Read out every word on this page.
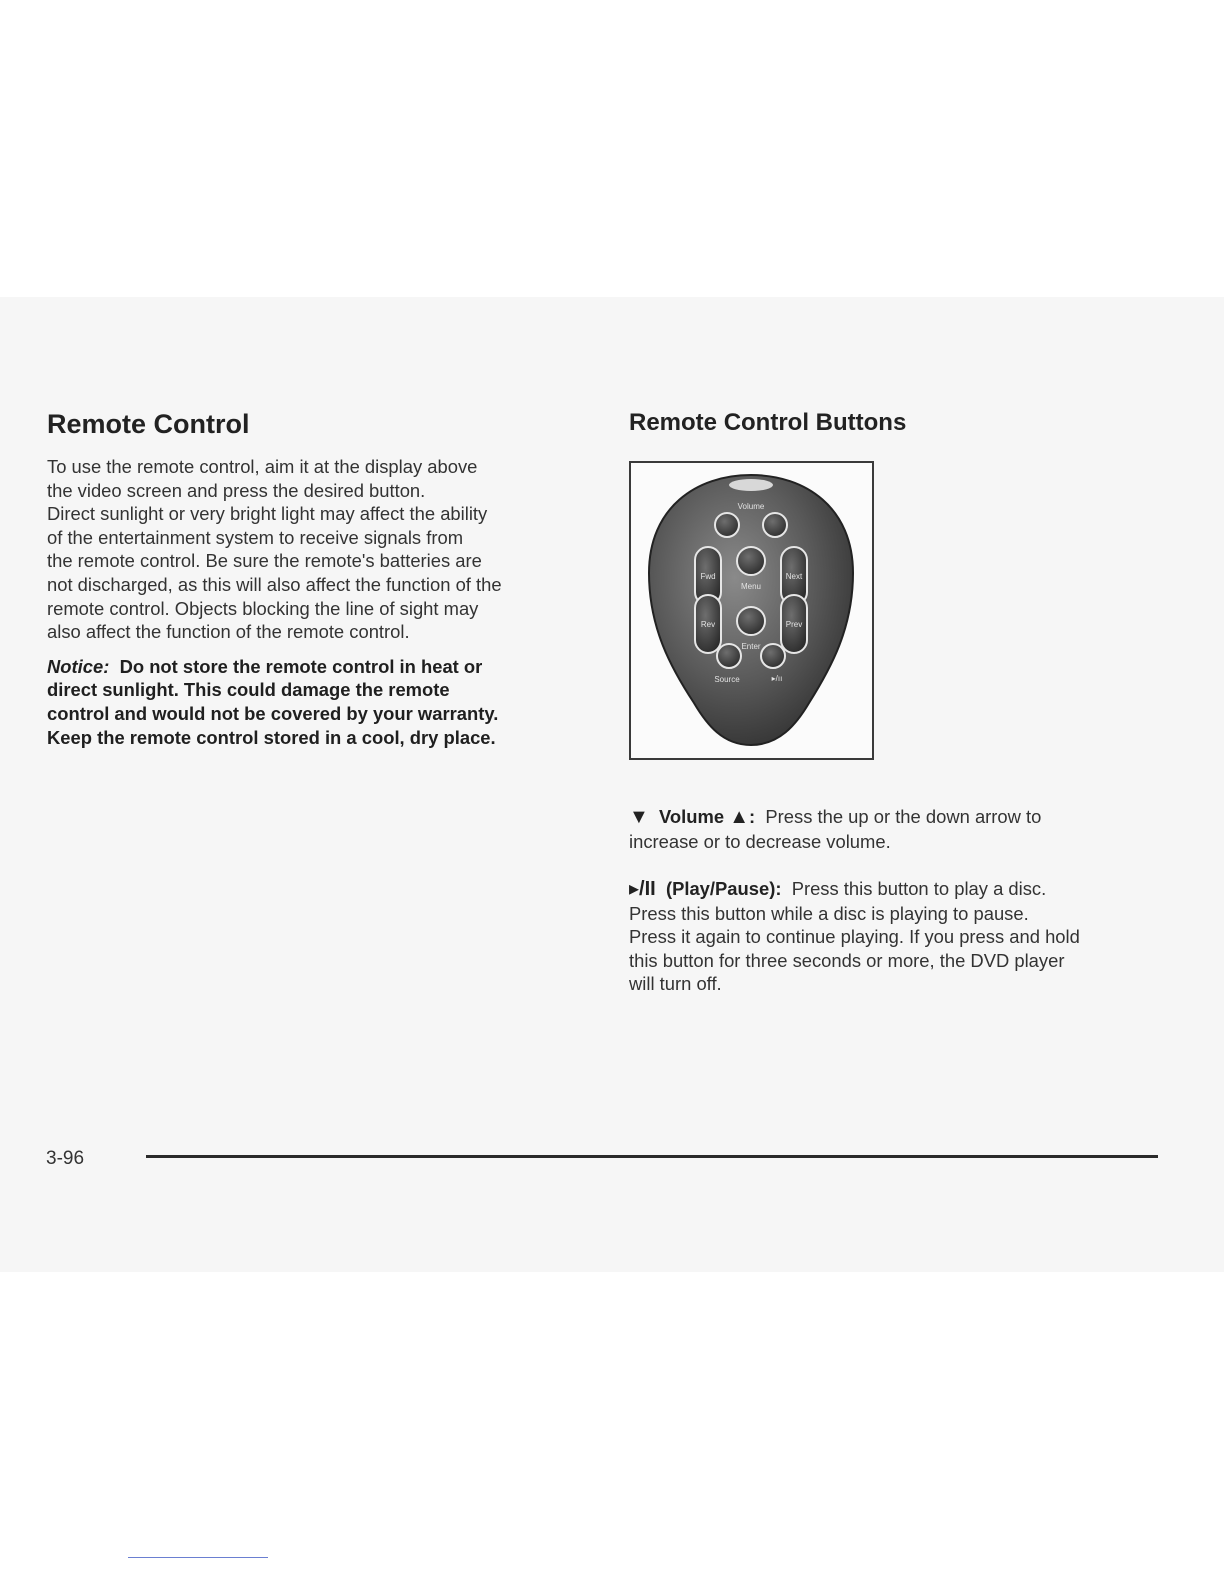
Remote Control

To use the remote control, aim it at the display above

the video screen and press the desired button.

Direct sunlight or very bright light may affect the ability

of the entertainment system to receive signals from

the remote control. Be sure the remote's batteries are

not discharged, as this will also affect the function of the

remote control. Objects blocking the line of sight may

also affect the function of the remote control.

Notice: Do not store the remote control in heat or

direct sunlight. This could damage the remote

control and would not be covered by your warranty.

Keep the remote control stored in a cool, dry place.

Remote Control Buttons
Volume
Fwd	Next
Menu
Rev	Prev
Enter
Source	▸/ıı

▼ Volume ▲: Press the up or the down arrow to

increase or to decrease volume.

▸/II (Play/Pause): Press this button to play a disc.

Press this button while a disc is playing to pause.

Press it again to continue playing. If you press and hold

this button for three seconds or more, the DVD player

will turn off.

3-96
